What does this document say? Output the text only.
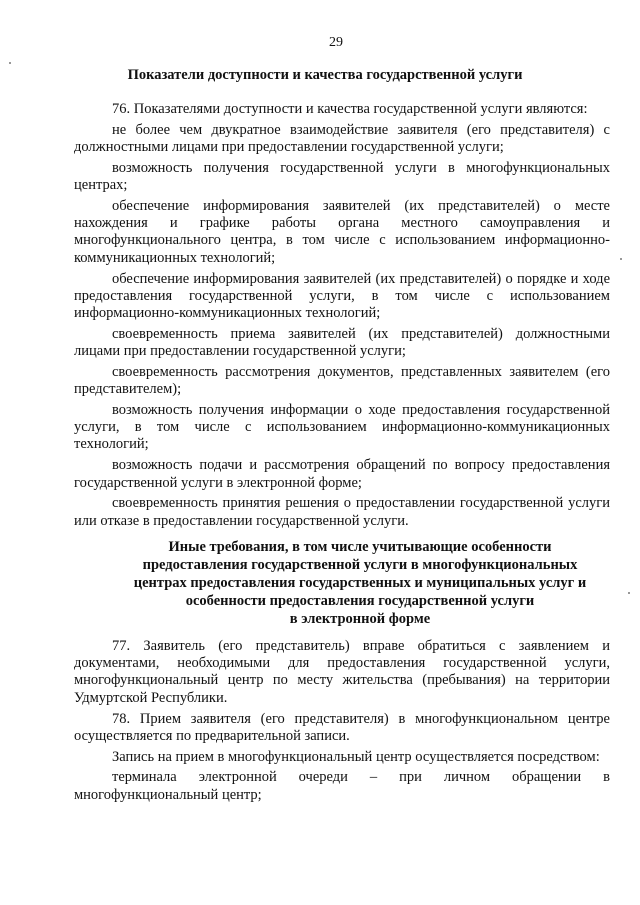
29
Показатели доступности и качества государственной услуги

76. Показателями доступности и качества государственной услуги являются:

не более чем двукратное взаимодействие заявителя (его представителя) с должностными лицами при предоставлении государственной услуги;

возможность получения государственной услуги в многофункциональных центрах;

обеспечение информирования заявителей (их представителей) о месте нахождения и графике работы органа местного самоуправления и многофункционального центра, в том числе с использованием информационно-коммуникационных технологий;

обеспечение информирования заявителей (их представителей) о порядке и ходе предоставления государственной услуги, в том числе с использованием информационно-коммуникационных технологий;

своевременность приема заявителей (их представителей) должностными лицами при предоставлении государственной услуги;

своевременность рассмотрения документов, представленных заявителем (его представителем);

возможность получения информации о ходе предоставления государственной услуги, в том числе с использованием информационно-коммуникационных технологий;

возможность подачи и рассмотрения обращений по вопросу предоставления государственной услуги в электронной форме;

своевременность принятия решения о предоставлении государственной услуги или отказе в предоставлении государственной услуги.

Иные требования, в том числе учитывающие особенности
предоставления государственной услуги в многофункциональных
центрах предоставления государственных и муниципальных услуг и
особенности предоставления государственной услуги
в электронной форме

77. Заявитель (его представитель) вправе обратиться с заявлением и документами, необходимыми для предоставления государственной услуги, многофункциональный центр по месту жительства (пребывания) на территории Удмуртской Республики.

78. Прием заявителя (его представителя) в многофункциональном центре осуществляется по предварительной записи.

Запись на прием в многофункциональный центр осуществляется посредством:

терминала электронной очереди – при личном обращении в многофункциональный центр;
